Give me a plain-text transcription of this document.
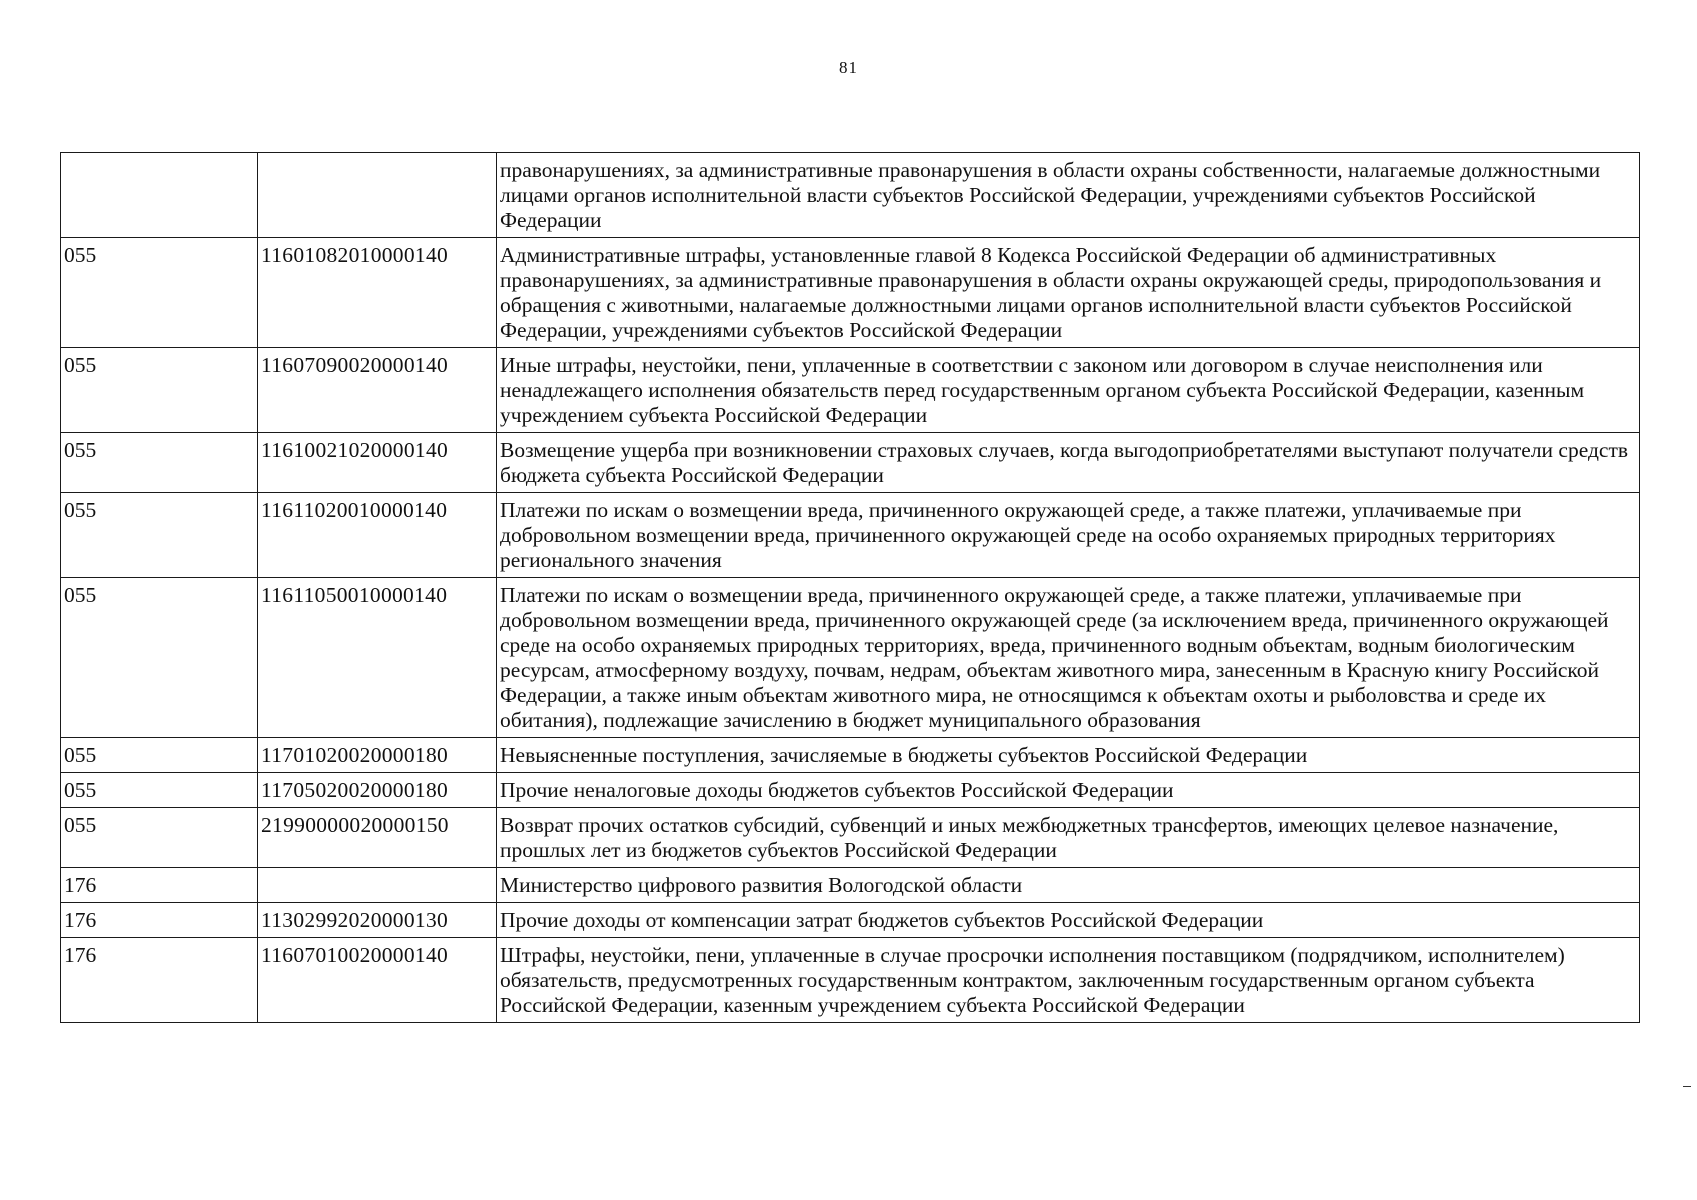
81
		правонарушениях, за административные правонарушения в области охраны собственности, налагаемые должностными лицами органов исполнительной власти субъектов Российской Федерации, учреждениями субъектов Российской Федерации
055	11601082010000140	Административные штрафы, установленные главой 8 Кодекса Российской Федерации об административных правонарушениях, за административные правонарушения в области охраны окружающей среды, природопользования и обращения с животными, налагаемые должностными лицами органов исполнительной власти субъектов Российской Федерации, учреждениями субъектов Российской Федерации
055	11607090020000140	Иные штрафы, неустойки, пени, уплаченные в соответствии с законом или договором в случае неисполнения или ненадлежащего исполнения обязательств перед государственным органом субъекта Российской Федерации, казенным учреждением субъекта Российской Федерации
055	11610021020000140	Возмещение ущерба при возникновении страховых случаев, когда выгодоприобретателями выступают получатели средств бюджета субъекта Российской Федерации
055	11611020010000140	Платежи по искам о возмещении вреда, причиненного окружающей среде, а также платежи, уплачиваемые при добровольном возмещении вреда, причиненного окружающей среде на особо охраняемых природных территориях регионального значения
055	11611050010000140	Платежи по искам о возмещении вреда, причиненного окружающей среде, а также платежи, уплачиваемые при добровольном возмещении вреда, причиненного окружающей среде (за исключением вреда, причиненного окружающей среде на особо охраняемых природных территориях, вреда, причиненного водным объектам, водным биологическим ресурсам, атмосферному воздуху, почвам, недрам, объектам животного мира, занесенным в Красную книгу Российской Федерации, а также иным объектам животного мира, не относящимся к объектам охоты и рыболовства и среде их обитания), подлежащие зачислению в бюджет муниципального образования
055	11701020020000180	Невыясненные поступления, зачисляемые в бюджеты субъектов Российской Федерации
055	11705020020000180	Прочие неналоговые доходы бюджетов субъектов Российской Федерации
055	21990000020000150	Возврат прочих остатков субсидий, субвенций и иных межбюджетных трансфертов, имеющих целевое назначение, прошлых лет из бюджетов субъектов Российской Федерации
176		Министерство цифрового развития Вологодской области
176	11302992020000130	Прочие доходы от компенсации затрат бюджетов субъектов Российской Федерации
176	11607010020000140	Штрафы, неустойки, пени, уплаченные в случае просрочки исполнения поставщиком (подрядчиком, исполнителем) обязательств, предусмотренных государственным контрактом, заключенным государственным органом субъекта Российской Федерации, казенным учреждением субъекта Российской Федерации
